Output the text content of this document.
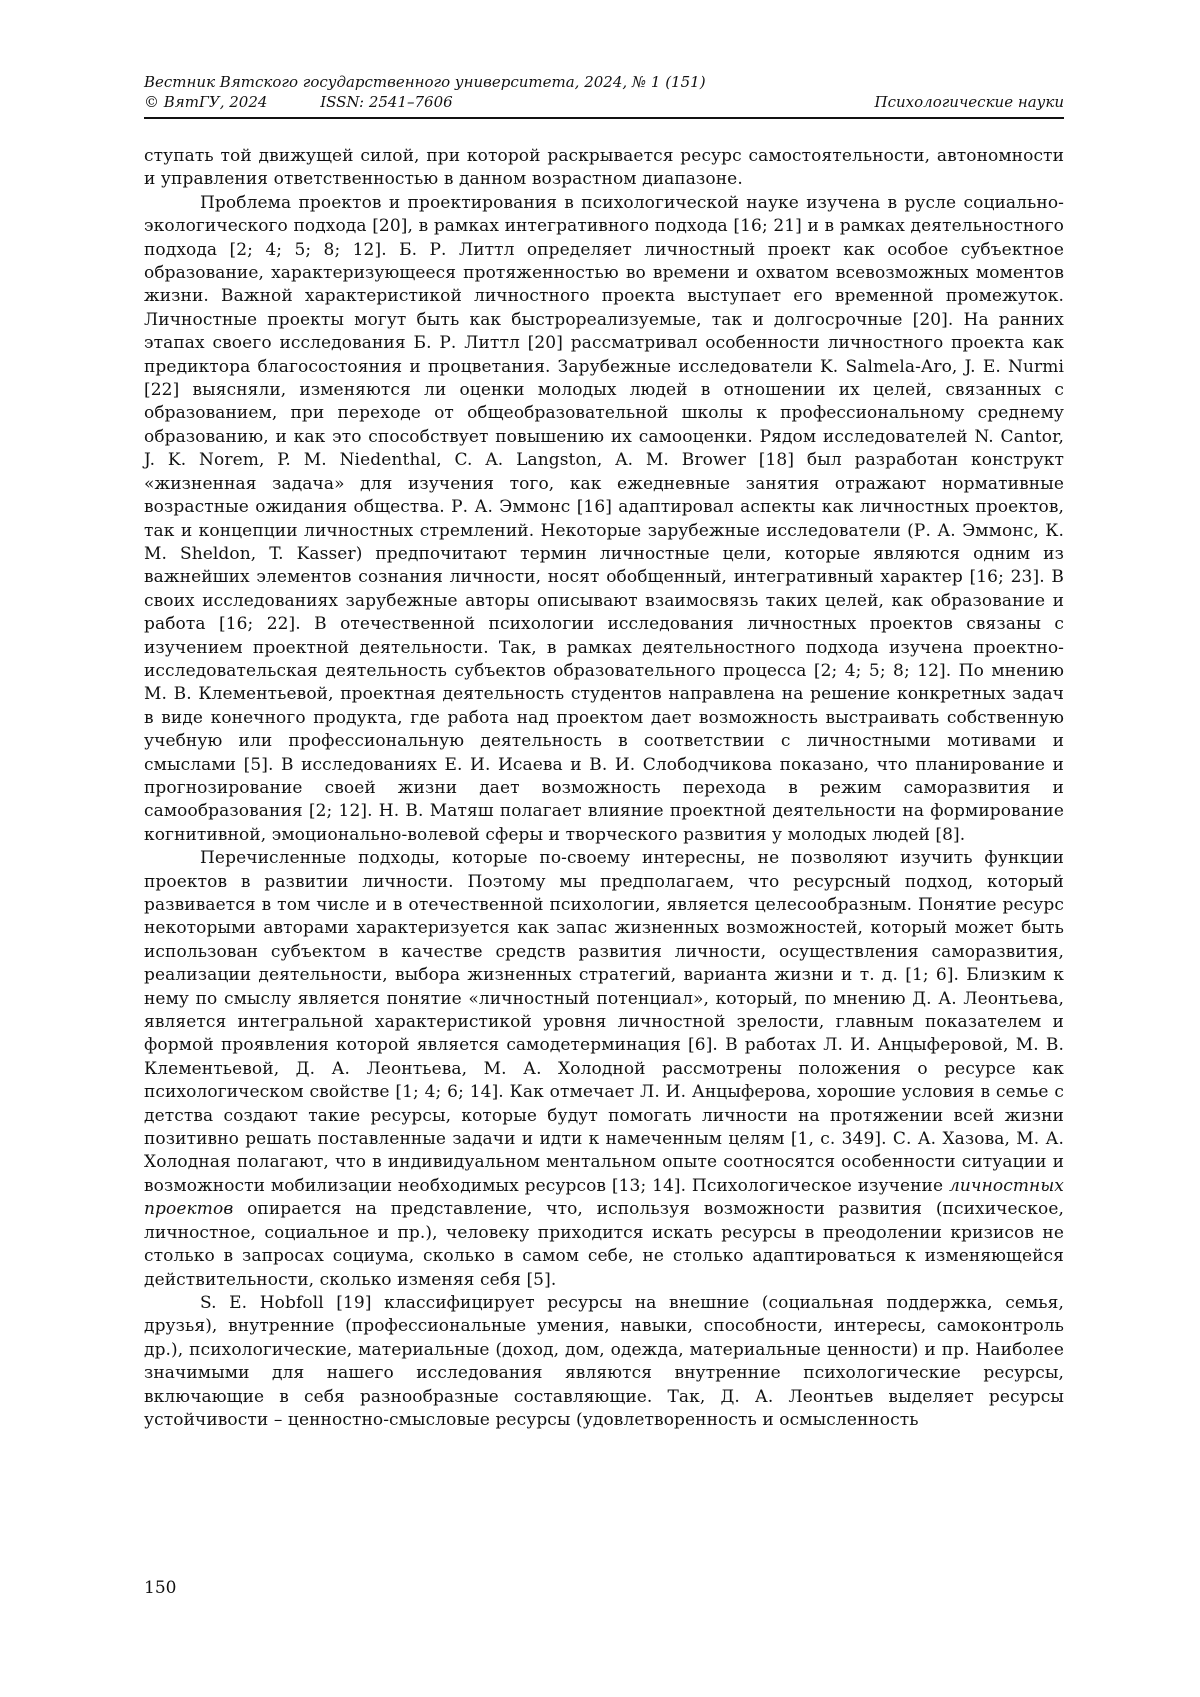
Вестник Вятского государственного университета, 2024, № 1 (151)
© ВятГУ, 2024	ISSN: 2541–7606	Психологические науки

ступать той движущей силой, при которой раскрывается ресурс самостоятельности, автономности и управления ответственностью в данном возрастном диапазоне.

Проблема проектов и проектирования в психологической науке изучена в русле социально-экологического подхода [20], в рамках интегративного подхода [16; 21] и в рамках деятельностного подхода [2; 4; 5; 8; 12]. Б. Р. Литтл определяет личностный проект как особое субъектное образование, характеризующееся протяженностью во времени и охватом всевозможных моментов жизни. Важной характеристикой личностного проекта выступает его временной промежуток. Личностные проекты могут быть как быстрореализуемые, так и долгосрочные [20]. На ранних этапах своего исследования Б. Р. Литтл [20] рассматривал особенности личностного проекта как предиктора благосостояния и процветания. Зарубежные исследователи K. Salmela-Aro, J. E. Nurmi [22] выясняли, изменяются ли оценки молодых людей в отношении их целей, связанных с образованием, при переходе от общеобразовательной школы к профессиональному среднему образованию, и как это способствует повышению их самооценки. Рядом исследователей N. Cantor, J. K. Norem, P. M. Niedenthal, C. A. Langston, A. M. Brower [18] был разработан конструкт «жизненная задача» для изучения того, как ежедневные занятия отражают нормативные возрастные ожидания общества. Р. А. Эммонс [16] адаптировал аспекты как личностных проектов, так и концепции личностных стремлений. Некоторые зарубежные исследователи (Р. А. Эммонс, К. M. Sheldon, T. Kasser) предпочитают термин личностные цели, которые являются одним из важнейших элементов сознания личности, носят обобщенный, интегративный характер [16; 23]. В своих исследованиях зарубежные авторы описывают взаимосвязь таких целей, как образование и работа [16; 22]. В отечественной психологии исследования личностных проектов связаны с изучением проектной деятельности. Так, в рамках деятельностного подхода изучена проектно-исследовательская деятельность субъектов образовательного процесса [2; 4; 5; 8; 12]. По мнению М. В. Клементьевой, проектная деятельность студентов направлена на решение конкретных задач в виде конечного продукта, где работа над проектом дает возможность выстраивать собственную учебную или профессиональную деятельность в соответствии с личностными мотивами и смыслами [5]. В исследованиях Е. И. Исаева и В. И. Слободчикова показано, что планирование и прогнозирование своей жизни дает возможность перехода в режим саморазвития и самообразования [2; 12]. Н. В. Матяш полагает влияние проектной деятельности на формирование когнитивной, эмоционально-волевой сферы и творческого развития у молодых людей [8].

Перечисленные подходы, которые по-своему интересны, не позволяют изучить функции проектов в развитии личности. Поэтому мы предполагаем, что ресурсный подход, который развивается в том числе и в отечественной психологии, является целесообразным. Понятие ресурс некоторыми авторами характеризуется как запас жизненных возможностей, который может быть использован субъектом в качестве средств развития личности, осуществления саморазвития, реализации деятельности, выбора жизненных стратегий, варианта жизни и т. д. [1; 6]. Близким к нему по смыслу является понятие «личностный потенциал», который, по мнению Д. А. Леонтьева, является интегральной характеристикой уровня личностной зрелости, главным показателем и формой проявления которой является самодетерминация [6]. В работах Л. И. Анцыферовой, М. В. Клементьевой, Д. А. Леонтьева, М. А. Холодной рассмотрены положения о ресурсе как психологическом свойстве [1; 4; 6; 14]. Как отмечает Л. И. Анцыферова, хорошие условия в семье с детства создают такие ресурсы, которые будут помогать личности на протяжении всей жизни позитивно решать поставленные задачи и идти к намеченным целям [1, с. 349]. С. А. Хазова, М. А. Холодная полагают, что в индивидуальном ментальном опыте соотносятся особенности ситуации и возможности мобилизации необходимых ресурсов [13; 14]. Психологическое изучение личностных проектов опирается на представление, что, используя возможности развития (психическое, личностное, социальное и пр.), человеку приходится искать ресурсы в преодолении кризисов не столько в запросах социума, сколько в самом себе, не столько адаптироваться к изменяющейся действительности, сколько изменяя себя [5].

S. E. Hobfoll [19] классифицирует ресурсы на внешние (социальная поддержка, семья, друзья), внутренние (профессиональные умения, навыки, способности, интересы, самоконтроль др.), психологические, материальные (доход, дом, одежда, материальные ценности) и пр. Наиболее значимыми для нашего исследования являются внутренние психологические ресурсы, включающие в себя разнообразные составляющие. Так, Д. А. Леонтьев выделяет ресурсы устойчивости – ценностно-смысловые ресурсы (удовлетворенность и осмысленность

150
